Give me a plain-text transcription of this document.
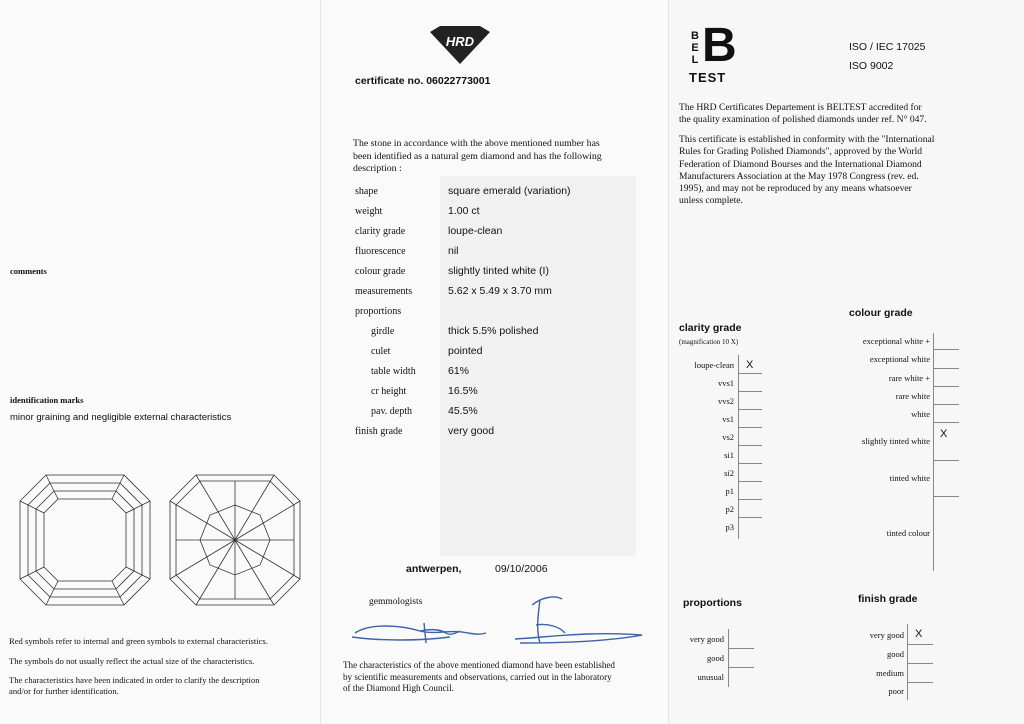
comments
identification marks
minor graining and negligible external characteristics
Red symbols refer to internal and green symbols to external characteristics.
The symbols do not usually reflect the actual size of the characteristics.
The characteristics have been indicated in order to clarify the description
and/or for further identification.
HRD
certificate no. 06022773001
The stone in accordance with the above mentioned number has
been identified as a natural gem diamond and has the following
description :
shape	square emerald (variation)
weight	1.00 ct
clarity grade	loupe-clean
fluorescence	nil
colour grade	slightly tinted white (I)
measurements	5.62 x 5.49 x 3.70 mm
proportions
girdle	thick 5.5% polished
culet	pointed
table width	61%
cr height	16.5%
pav. depth	45.5%
finish grade	very good
antwerpen,	09/10/2006
gemmologists
The characteristics of the above mentioned diamond have been established
by scientific measurements and observations, carried out in the laboratory
of the Diamond High Council.
B
E
L B
TEST
ISO / IEC 17025
ISO 9002
The HRD Certificates Departement is BELTEST accredited for
the quality examination of polished diamonds under ref. N° 047.
This certificate is established in conformity with the "International
Rules for Grading Polished Diamonds", approved by the World
Federation of Diamond Bourses and the International Diamond
Manufacturers Association at the May 1978 Congress (rev. ed.
1995), and may not be reproduced by any means whatsoever
unless complete.
clarity grade
(magnification 10 X)
loupe-clean
vvs1
vvs2
vs1
vs2
si1
si2
p1
p2
p3
X
colour grade
exceptional white +
exceptional white
rare white +
rare white
white
slightly tinted white
tinted white
tinted colour
X
proportions
very good
good
unusual
finish grade
very good
good
medium
poor
X
